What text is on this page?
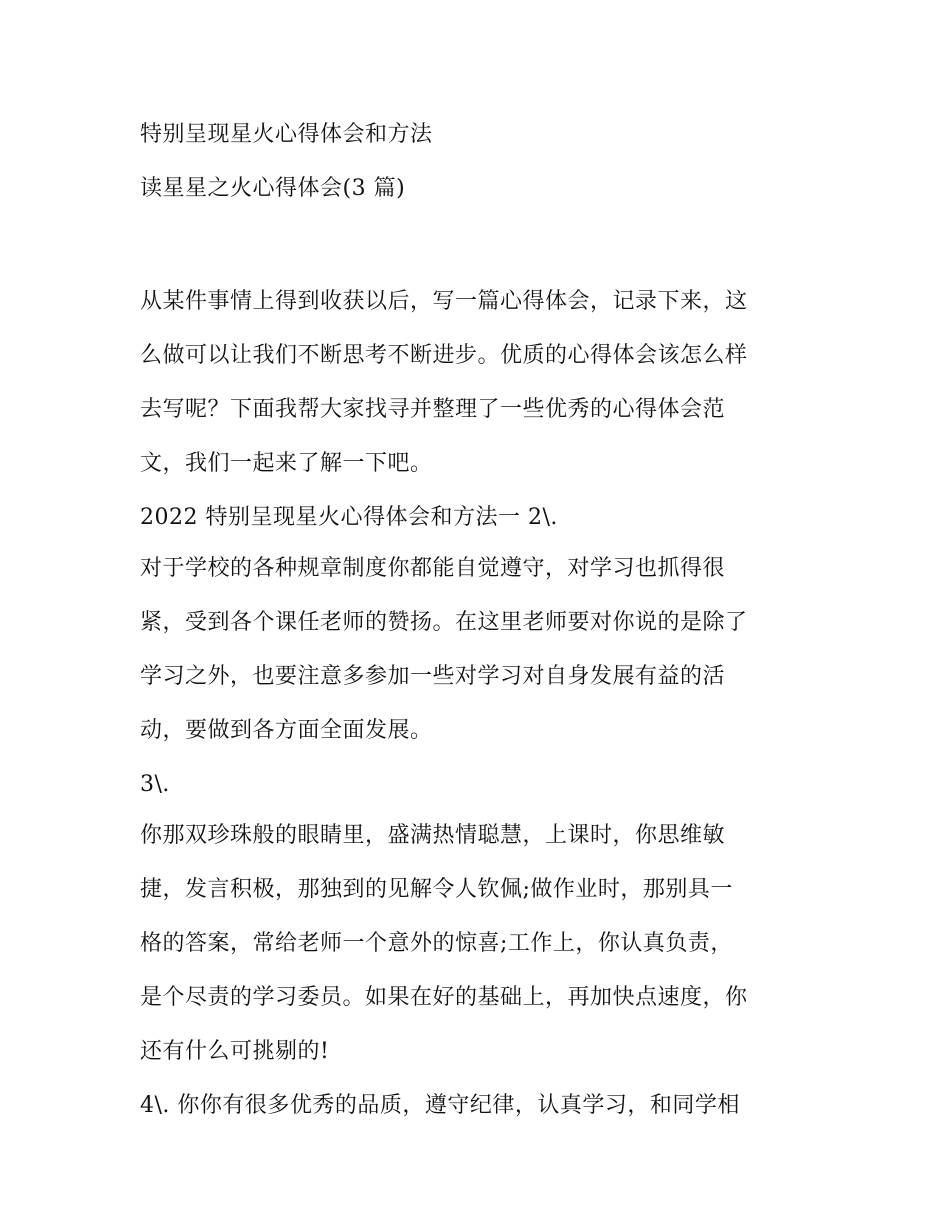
特别呈现星火心得体会和方法
读星星之火心得体会(3 篇)
从某件事情上得到收获以后，写一篇心得体会，记录下来，这
么做可以让我们不断思考不断进步。优质的心得体会该怎么样
去写呢？下面我帮大家找寻并整理了一些优秀的心得体会范
文，我们一起来了解一下吧。
2022 特别呈现星火心得体会和方法一 2\.
对于学校的各种规章制度你都能自觉遵守，对学习也抓得很
紧，受到各个课任老师的赞扬。在这里老师要对你说的是除了
学习之外，也要注意多参加一些对学习对自身发展有益的活
动，要做到各方面全面发展。
3\.
你那双珍珠般的眼睛里，盛满热情聪慧，上课时，你思维敏
捷，发言积极，那独到的见解令人钦佩;做作业时，那别具一
格的答案，常给老师一个意外的惊喜;工作上，你认真负责，
是个尽责的学习委员。如果在好的基础上，再加快点速度，你
还有什么可挑剔的!
4\. 你你有很多优秀的品质，遵守纪律，认真学习，和同学相
